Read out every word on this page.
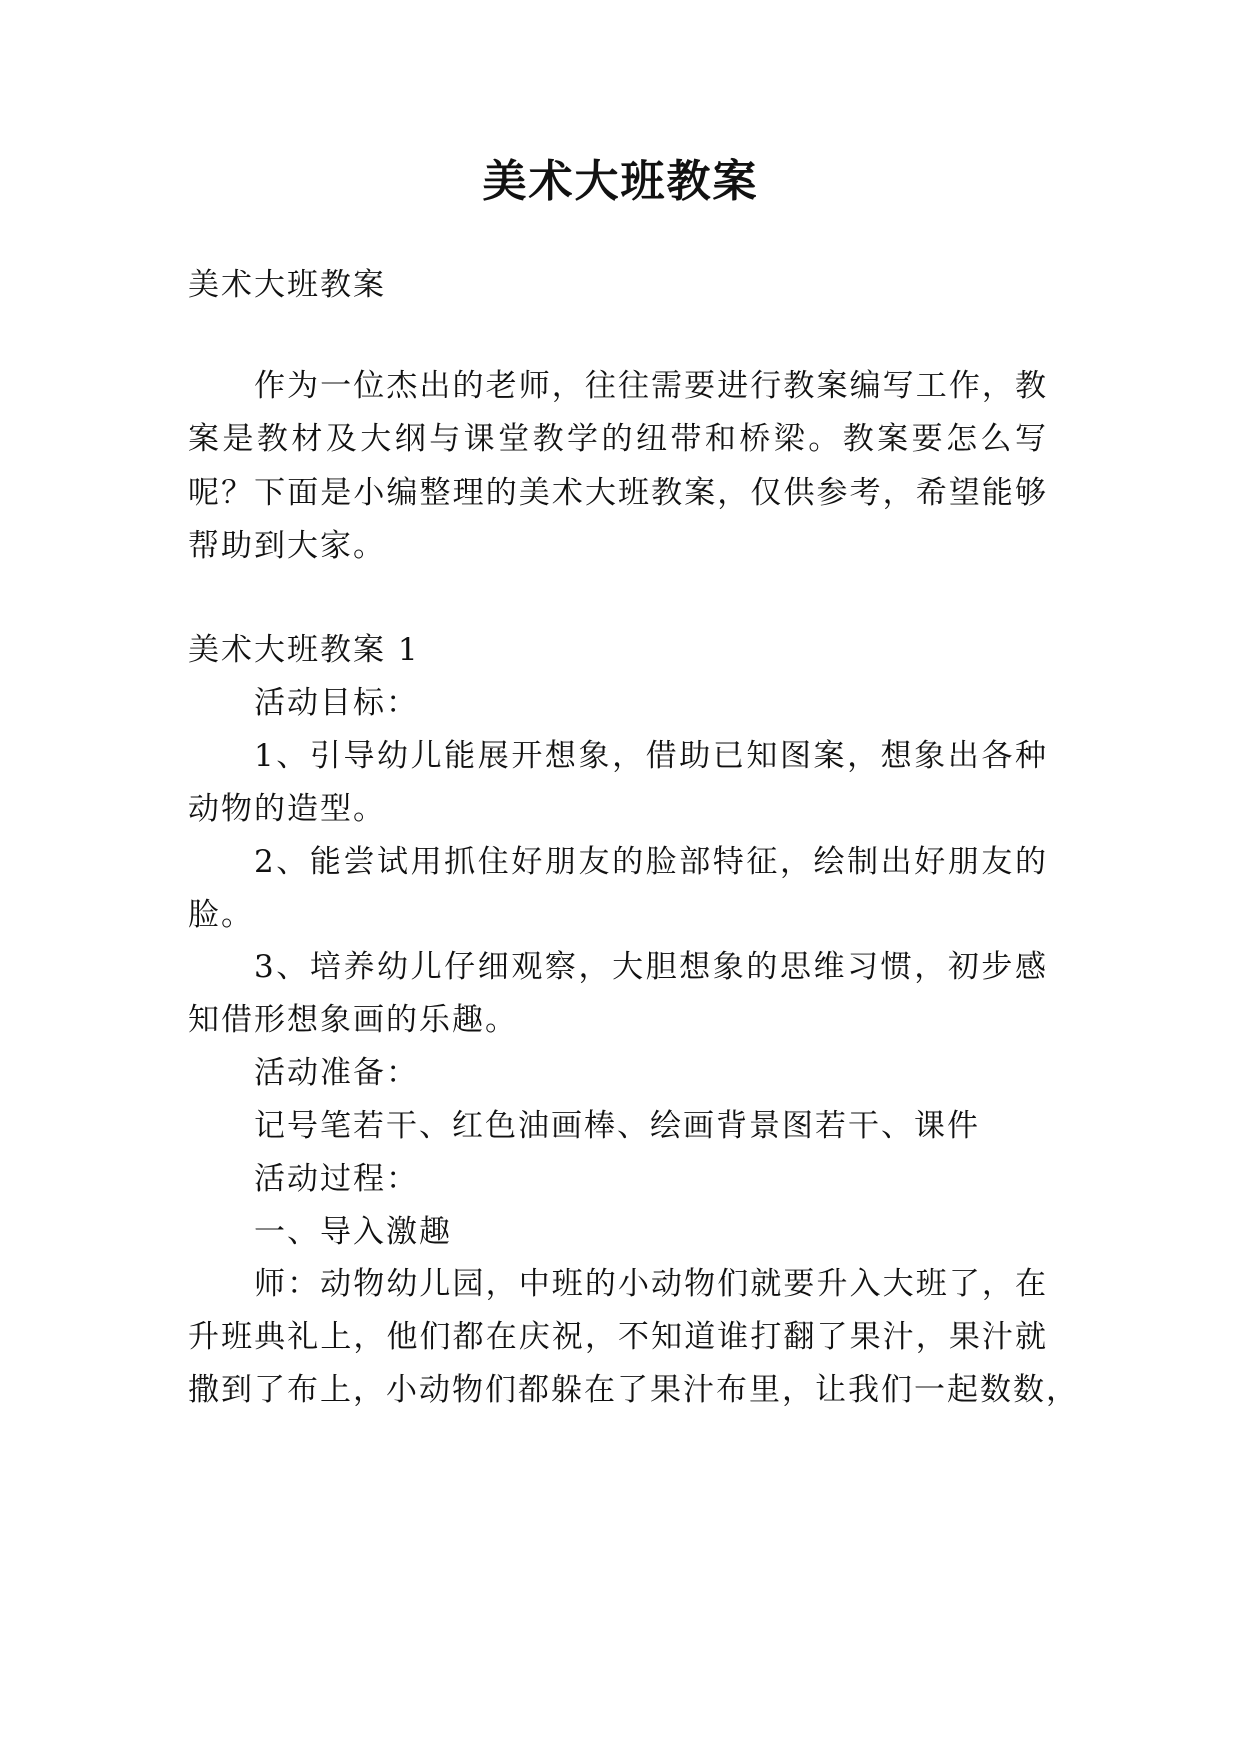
美术大班教案
美术大班教案
作为一位杰出的老师，往往需要进行教案编写工作，教
案是教材及大纲与课堂教学的纽带和桥梁。教案要怎么写
呢？下面是小编整理的美术大班教案，仅供参考，希望能够
帮助到大家。
美术大班教案 1
活动目标：
1、引导幼儿能展开想象，借助已知图案，想象出各种
动物的造型。
2、能尝试用抓住好朋友的脸部特征，绘制出好朋友的
脸。
3、培养幼儿仔细观察，大胆想象的思维习惯，初步感
知借形想象画的乐趣。
活动准备：
记号笔若干、红色油画棒、绘画背景图若干、课件
活动过程：
一、导入激趣
师：动物幼儿园，中班的小动物们就要升入大班了，在
升班典礼上，他们都在庆祝，不知道谁打翻了果汁，果汁就
撒到了布上，小动物们都躲在了果汁布里，让我们一起数数，
